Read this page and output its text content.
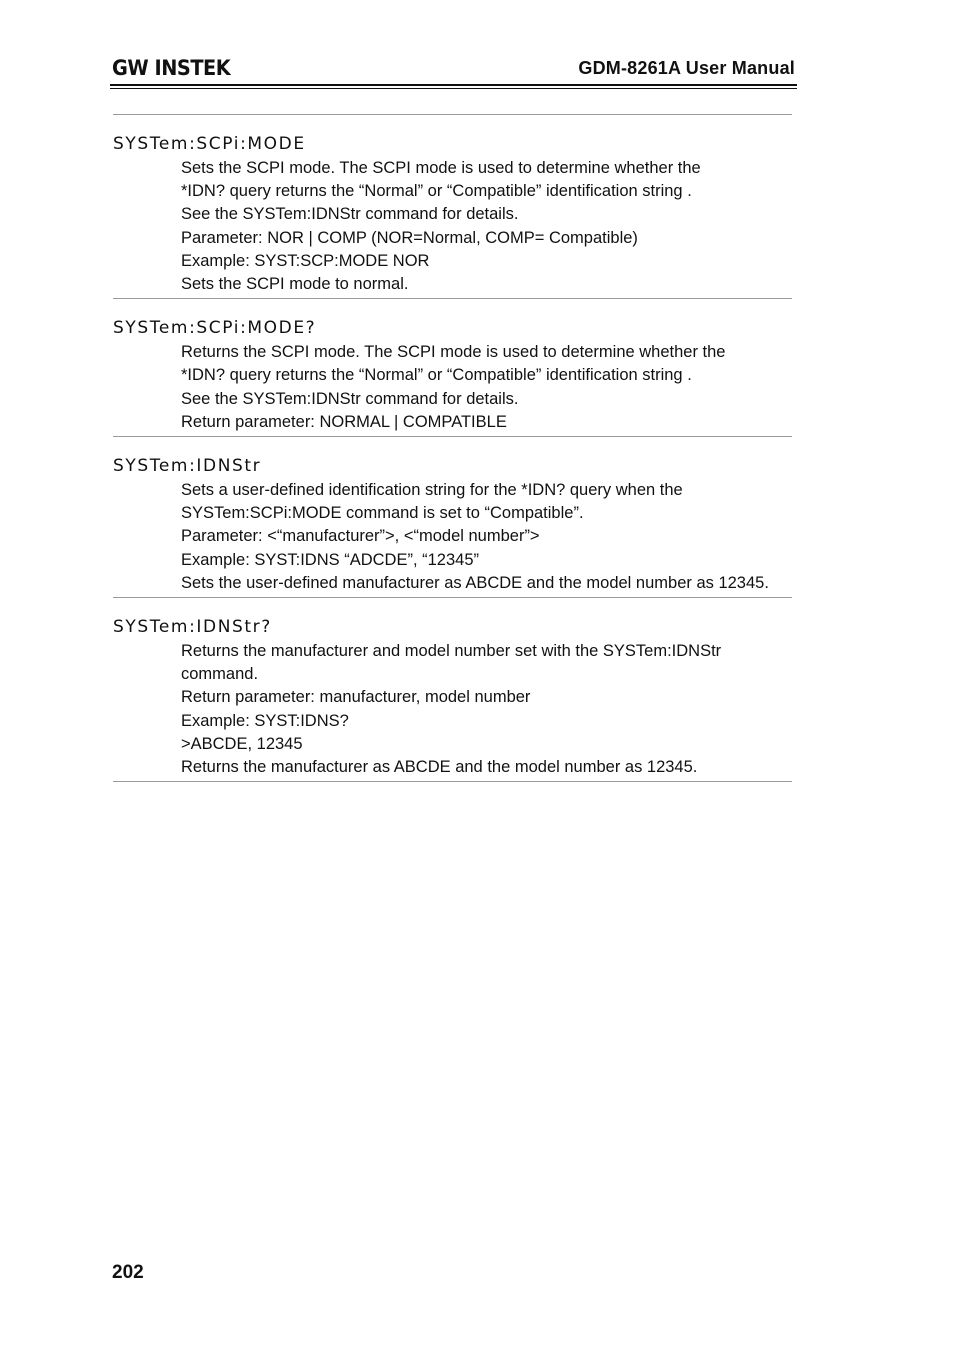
GW INSTEK	GDM-8261A User Manual

SYSTem:SCPi:MODE

Sets the SCPI mode. The SCPI mode is used to determine whether the
*IDN? query returns the “Normal” or “Compatible” identification string .
See the SYSTem:IDNStr command for details.
Parameter: NOR | COMP (NOR=Normal, COMP= Compatible)
Example: SYST:SCP:MODE NOR
Sets the SCPI mode to normal.

SYSTem:SCPi:MODE?

Returns the SCPI mode. The SCPI mode is used to determine whether the
*IDN? query returns the “Normal” or “Compatible” identification string .
See the SYSTem:IDNStr command for details.
Return parameter: NORMAL | COMPATIBLE

SYSTem:IDNStr

Sets a user-defined identification string for the *IDN? query when the
SYSTem:SCPi:MODE command is set to “Compatible”.
Parameter: <“manufacturer”>, <“model number”>
Example: SYST:IDNS “ADCDE”, “12345”
Sets the user-defined manufacturer as ABCDE and the model number as 12345.

SYSTem:IDNStr?

Returns the manufacturer and model number set with the SYSTem:IDNStr command.
Return parameter: manufacturer, model number
Example: SYST:IDNS?
>ABCDE, 12345
Returns the manufacturer as ABCDE and the model number as 12345.
202
